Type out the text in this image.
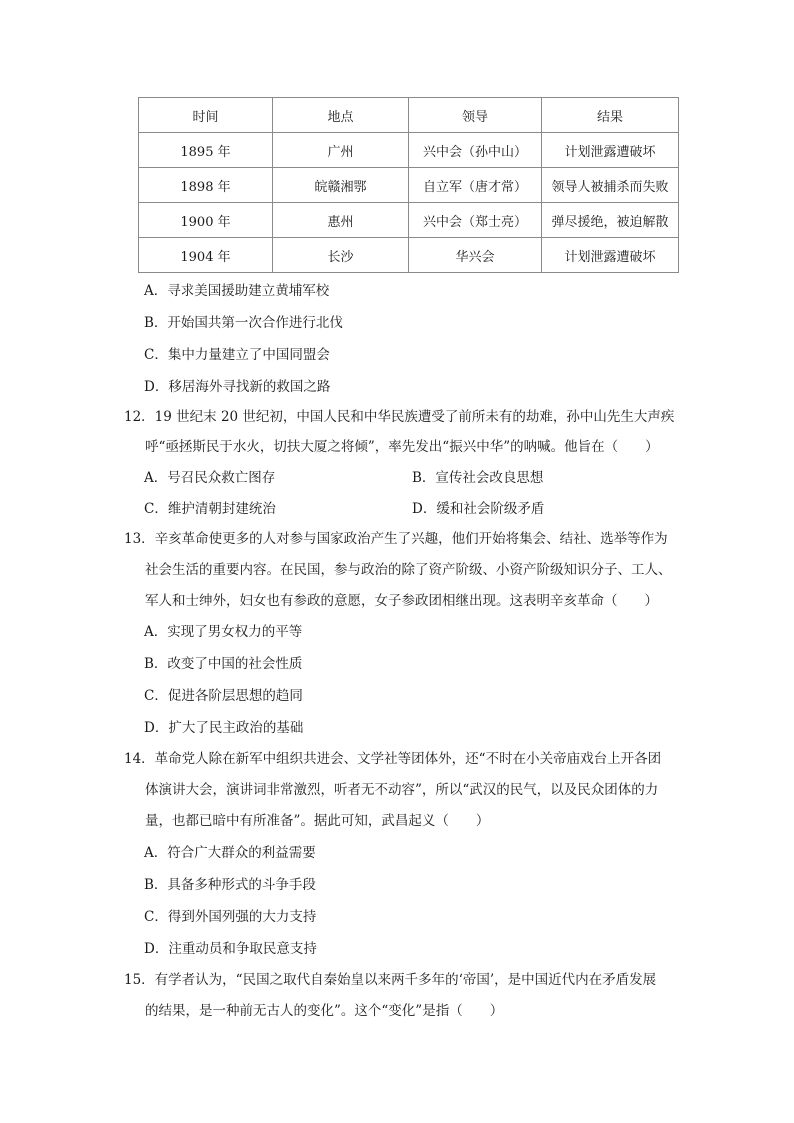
时间	地点	领导	结果
1895 年	广州	兴中会（孙中山）	计划泄露遭破坏
1898 年	皖赣湘鄂	自立军（唐才常）	领导人被捕杀而失败
1900 年	惠州	兴中会（郑士亮）	弹尽援绝，被迫解散
1904 年	长沙	华兴会	计划泄露遭破坏
A．寻求美国援助建立黄埔军校
B．开始国共第一次合作进行北伐
C．集中力量建立了中国同盟会
D．移居海外寻找新的救国之路
12．19 世纪末 20 世纪初，中国人民和中华民族遭受了前所未有的劫难，孙中山先生大声疾
呼“亟拯斯民于水火，切扶大厦之将倾”，率先发出“振兴中华”的呐喊。他旨在（　　）
A．号召民众救亡图存	B．宣传社会改良思想
C．维护清朝封建统治	D．缓和社会阶级矛盾
13．辛亥革命使更多的人对参与国家政治产生了兴趣，他们开始将集会、结社、选举等作为
社会生活的重要内容。在民国，参与政治的除了资产阶级、小资产阶级知识分子、工人、
军人和士绅外，妇女也有参政的意愿，女子参政团相继出现。这表明辛亥革命（　　）
A．实现了男女权力的平等
B．改变了中国的社会性质
C．促进各阶层思想的趋同
D．扩大了民主政治的基础
14．革命党人除在新军中组织共进会、文学社等团体外，还“不时在小关帝庙戏台上开各团
体演讲大会，演讲词非常激烈，听者无不动容”，所以“武汉的民气，以及民众团体的力
量，也都已暗中有所准备”。据此可知，武昌起义（　　）
A．符合广大群众的利益需要
B．具备多种形式的斗争手段
C．得到外国列强的大力支持
D．注重动员和争取民意支持
15．有学者认为，“民国之取代自秦始皇以来两千多年的‘帝国’，是中国近代内在矛盾发展
的结果，是一种前无古人的变化”。这个“变化”是指（　　）
